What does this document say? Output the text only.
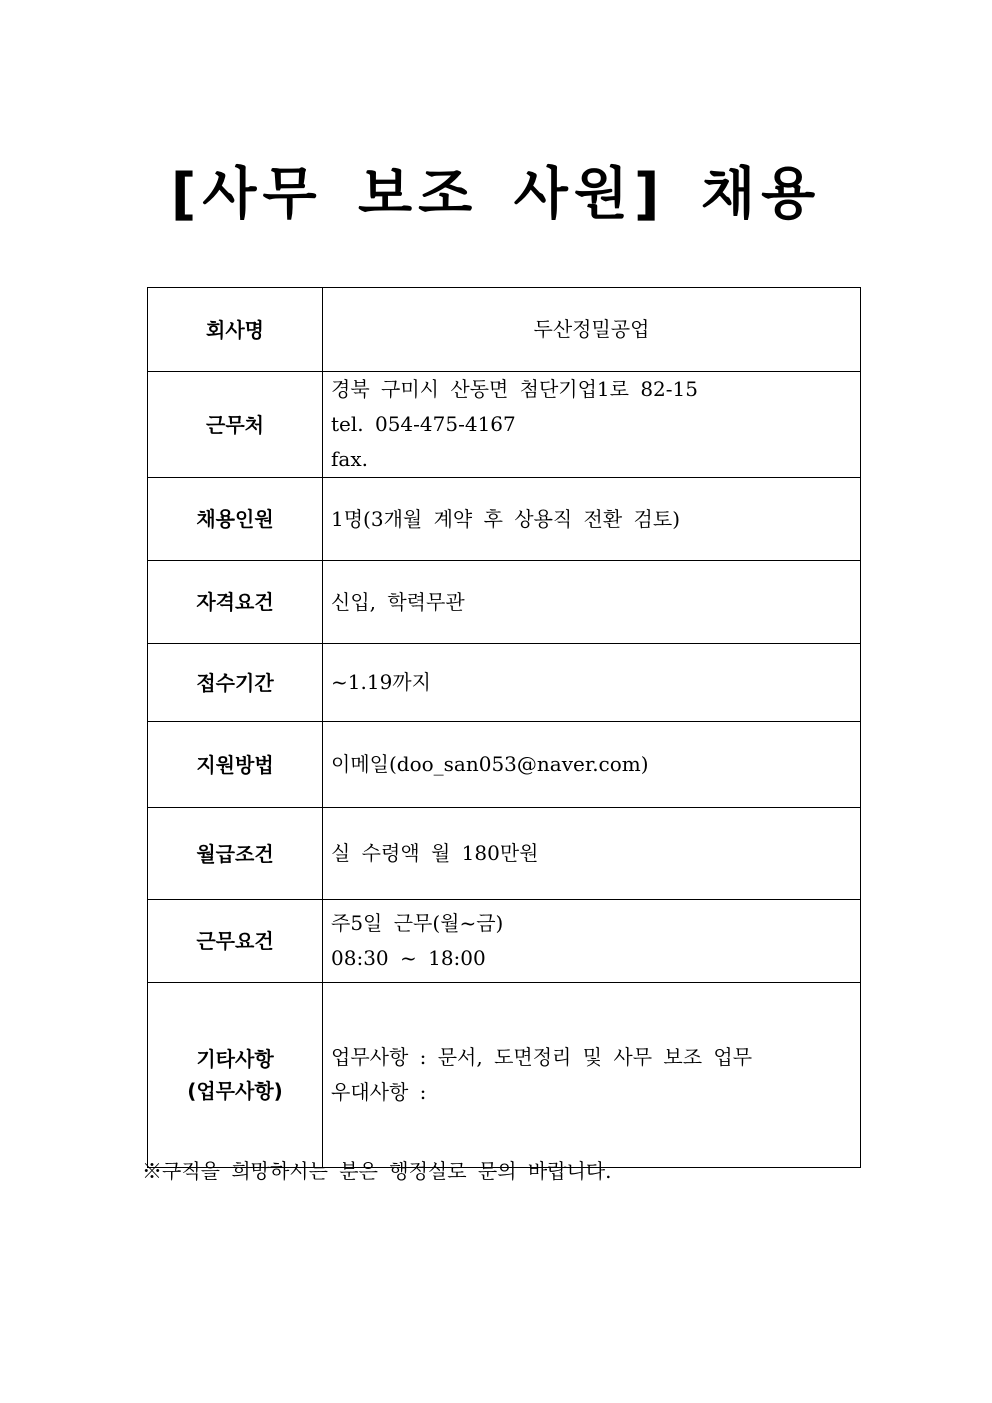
[사무 보조 사원] 채용
회사명	두산정밀공업

근무처	경북 구미시 산동면 첨단기업1로 82-15
tel. 054-475-4167
fax.

채용인원	1명(3개월 계약 후 상용직 전환 검토)

자격요건	신입, 학력무관

접수기간	~1.19까지

지원방법	이메일(doo_san053@naver.com)

월급조건	실 수령액 월 180만원

근무요건	주5일 근무(월~금)
08:30 ~ 18:00

기타사항
(업무사항)	업무사항 : 문서, 도면정리 및 사무 보조 업무
우대사항 :
※구직을 희망하시는 분은 행정실로 문의 바랍니다.
